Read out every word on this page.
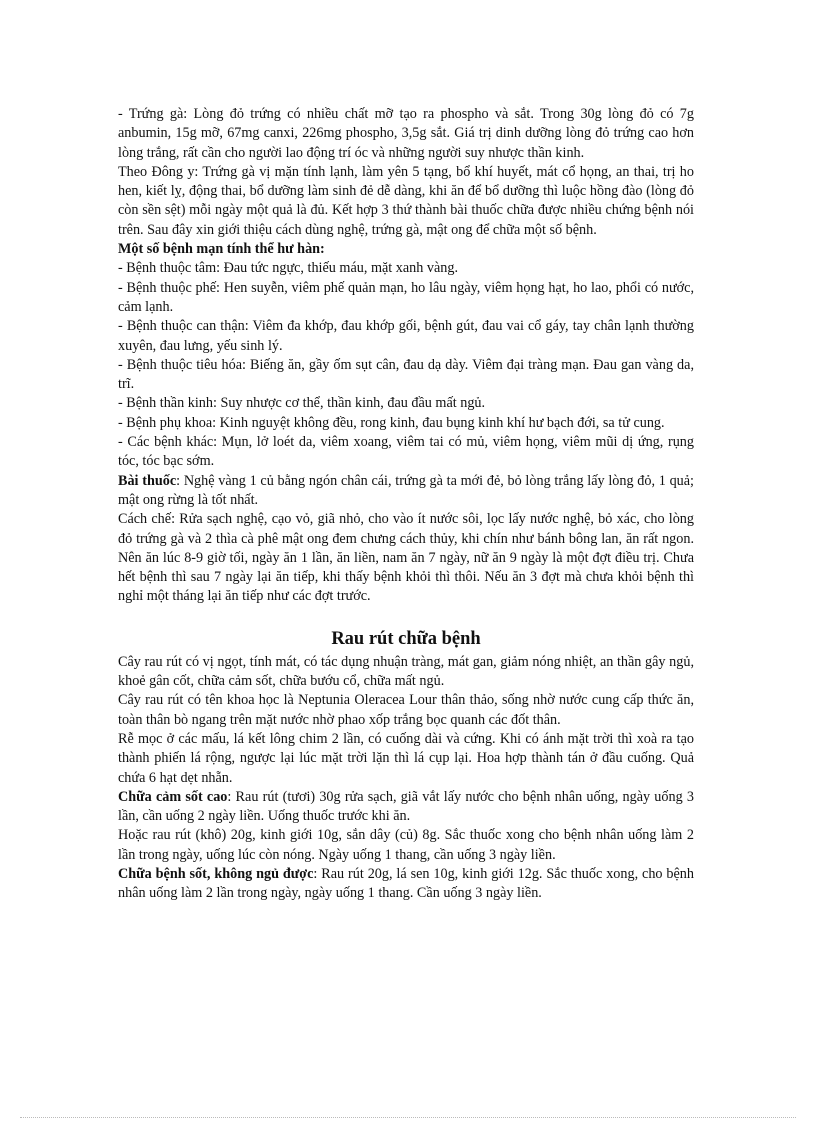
- Trứng gà: Lòng đỏ trứng có nhiều chất mỡ tạo ra phospho và sắt. Trong 30g lòng đỏ có 7g anbumin, 15g mỡ, 67mg canxi, 226mg phospho, 3,5g sắt. Giá trị dinh dưỡng lòng đỏ trứng cao hơn lòng trắng, rất cần cho người lao động trí óc và những người suy nhược thần kinh.

Theo Đông y: Trứng gà vị mặn tính lạnh, làm yên 5 tạng, bổ khí huyết, mát cổ họng, an thai, trị ho hen, kiết lỵ, động thai, bổ dưỡng làm sinh đẻ dễ dàng, khi ăn để bổ dưỡng thì luộc hồng đào (lòng đỏ còn sền sệt) mỗi ngày một quả là đủ. Kết hợp 3 thứ thành bài thuốc chữa được nhiều chứng bệnh nói trên. Sau đây xin giới thiệu cách dùng nghệ, trứng gà, mật ong để chữa một số bệnh.

Một số bệnh mạn tính thể hư hàn:

- Bệnh thuộc tâm: Đau tức ngực, thiếu máu, mặt xanh vàng.

- Bệnh thuộc phế: Hen suyễn, viêm phế quản mạn, ho lâu ngày, viêm họng hạt, ho lao, phổi có nước, cảm lạnh.

- Bệnh thuộc can thận: Viêm đa khớp, đau khớp gối, bệnh gút, đau vai cổ gáy, tay chân lạnh thường xuyên, đau lưng, yếu sinh lý.

- Bệnh thuộc tiêu hóa: Biếng ăn, gầy ốm sụt cân, đau dạ dày. Viêm đại tràng mạn. Đau gan vàng da, trĩ.

- Bệnh thần kinh: Suy nhược cơ thể, thần kinh, đau đầu mất ngủ.

- Bệnh phụ khoa: Kinh nguyệt không đều, rong kinh, đau bụng kinh khí hư bạch đới, sa tử cung.

- Các bệnh khác: Mụn, lở loét da, viêm xoang, viêm tai có mủ, viêm họng, viêm mũi dị ứng, rụng tóc, tóc bạc sớm.

Bài thuốc: Nghệ vàng 1 củ bằng ngón chân cái, trứng gà ta mới đẻ, bỏ lòng trắng lấy lòng đỏ, 1 quả; mật ong rừng là tốt nhất.

Cách chế: Rửa sạch nghệ, cạo vỏ, giã nhỏ, cho vào ít nước sôi, lọc lấy nước nghệ, bỏ xác, cho lòng đỏ trứng gà và 2 thìa cà phê mật ong đem chưng cách thủy, khi chín như bánh bông lan, ăn rất ngon. Nên ăn lúc 8-9 giờ tối, ngày ăn 1 lần, ăn liền, nam ăn 7 ngày, nữ ăn 9 ngày là một đợt điều trị. Chưa hết bệnh thì sau 7 ngày lại ăn tiếp, khi thấy bệnh khỏi thì thôi. Nếu ăn 3 đợt mà chưa khỏi bệnh thì nghỉ một tháng lại ăn tiếp như các đợt trước.

Rau rút chữa bệnh

Cây rau rút có vị ngọt, tính mát, có tác dụng nhuận tràng, mát gan, giảm nóng nhiệt, an thần gây ngủ, khoẻ gân cốt, chữa cảm sốt, chữa bướu cổ, chữa mất ngủ.

Cây rau rút có tên khoa học là Neptunia Oleracea Lour thân thảo, sống nhờ nước cung cấp thức ăn, toàn thân bò ngang trên mặt nước nhờ phao xốp trắng bọc quanh các đốt thân.

Rễ mọc ở các mấu, lá kết lông chim 2 lần, có cuống dài và cứng. Khi có ánh mặt trời thì xoà ra tạo thành phiến lá rộng, ngược lại lúc mặt trời lặn thì lá cụp lại. Hoa hợp thành tán ở đầu cuống. Quả chứa 6 hạt dẹt nhẵn.

Chữa cảm sốt cao: Rau rút (tươi) 30g rửa sạch, giã vắt lấy nước cho bệnh nhân uống, ngày uống 3 lần, cần uống 2 ngày liền. Uống thuốc trước khi ăn.

Hoặc rau rút (khô) 20g, kinh giới 10g, sắn dây (củ) 8g. Sắc thuốc xong cho bệnh nhân uống làm 2 lần trong ngày, uống lúc còn nóng. Ngày uống 1 thang, cần uống 3 ngày liền.

Chữa bệnh sốt, không ngủ được: Rau rút 20g, lá sen 10g, kinh giới 12g. Sắc thuốc xong, cho bệnh nhân uống làm 2 lần trong ngày, ngày uống 1 thang. Cần uống 3 ngày liền.
